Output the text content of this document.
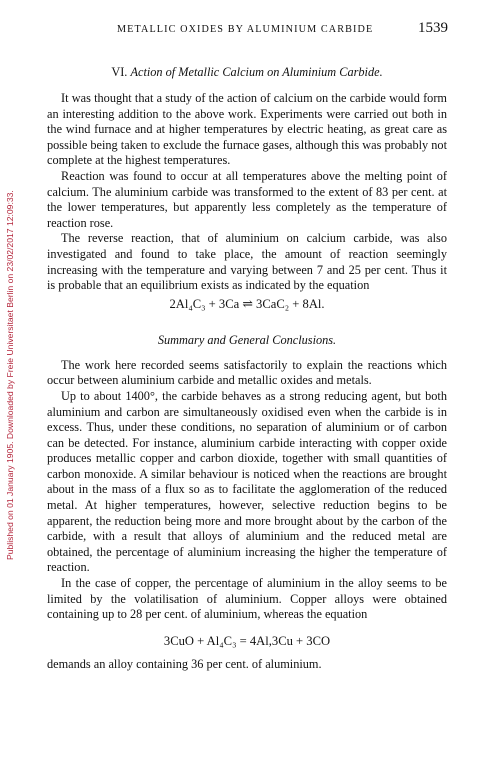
Published on 01 January 1905. Downloaded by Freie Universitaet Berlin on 23/02/2017 12:09:33.
METALLIC OXIDES BY ALUMINIUM CARBIDE	1539
VI. Action of Metallic Calcium on Aluminium Carbide.

It was thought that a study of the action of calcium on the carbide would form an interesting addition to the above work. Experiments were carried out both in the wind furnace and at higher temperatures by electric heating, as great care as possible being taken to exclude the furnace gases, although this was probably not complete at the highest temperatures.

Reaction was found to occur at all temperatures above the melting point of calcium. The aluminium carbide was transformed to the extent of 83 per cent. at the lower temperatures, but apparently less completely as the temperature of reaction rose.

The reverse reaction, that of aluminium on calcium carbide, was also investigated and found to take place, the amount of reaction seemingly increasing with the temperature and varying between 7 and 25 per cent. Thus it is probable that an equilibrium exists as indicated by the equation

2Al₄C₃ + 3Ca ⇌ 3CaC₂ + 8Al.
Summary and General Conclusions.

The work here recorded seems satisfactorily to explain the reactions which occur between aluminium carbide and metallic oxides and metals.

Up to about 1400°, the carbide behaves as a strong reducing agent, but both aluminium and carbon are simultaneously oxidised even when the carbide is in excess. Thus, under these conditions, no separation of aluminium or of carbon can be detected. For instance, aluminium carbide interacting with copper oxide produces metallic copper and carbon dioxide, together with small quantities of carbon monoxide. A similar behaviour is noticed when the reactions are brought about in the mass of a flux so as to facilitate the agglomeration of the reduced metal. At higher temperatures, however, selective reduction begins to be apparent, the reduction being more and more brought about by the carbon of the carbide, with a result that alloys of aluminium and the reduced metal are obtained, the percentage of aluminium increasing the higher the temperature of reaction.

In the case of copper, the percentage of aluminium in the alloy seems to be limited by the volatilisation of aluminium. Copper alloys were obtained containing up to 28 per cent. of aluminium, whereas the equation

3CuO + Al₄C₃ = 4Al,3Cu + 3CO

demands an alloy containing 36 per cent. of aluminium.
